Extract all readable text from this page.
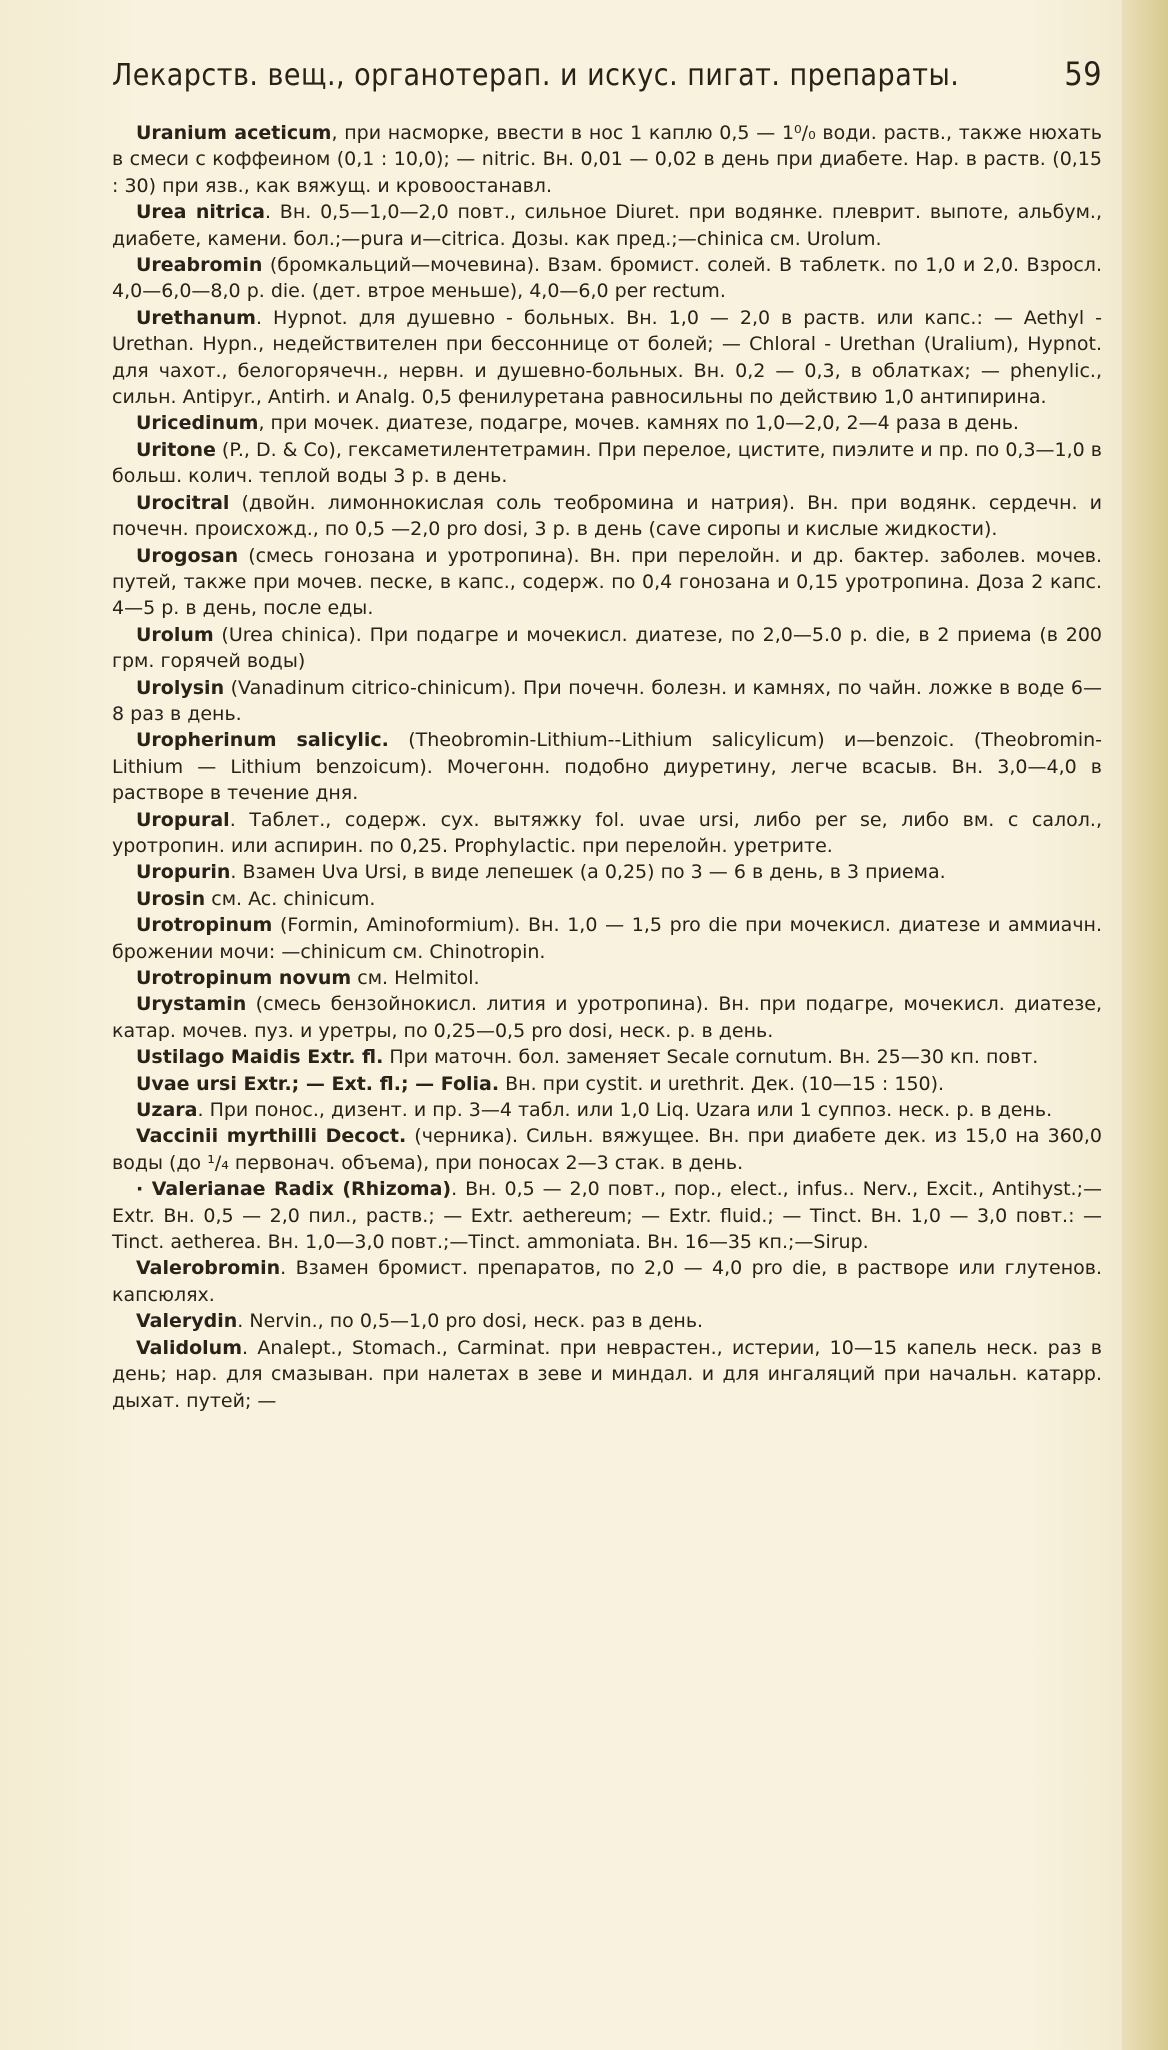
Лекарств. вещ., органотерап. и искус. пигат. препараты.	59

Uranium aceticum, при насморке, ввести в нос 1 каплю 0,5 — 1⁰/₀ води. раств., также нюхать в смеси с коффеином (0,1 : 10,0); — nitric. Вн. 0,01 — 0,02 в день при диабете. Нар. в раств. (0,15 : 30) при язв., как вяжущ. и кровоостанавл.

Urea nitrica. Вн. 0,5—1,0—2,0 повт., сильное Diuret. при водянке. плеврит. выпоте, альбум., диабете, камени. бол.;—pura и—citrica. Дозы. как пред.;—chinica см. Urolum.

Ureabromin (бромкальций—мочевина). Взам. бромист. солей. В таблетк. по 1,0 и 2,0. Взросл. 4,0—6,0—8,0 р. die. (дет. втрое меньше), 4,0—6,0 per rectum.

Urethanum. Hypnot. для душевно - больных. Вн. 1,0 — 2,0 в раств. или капс.: — Aethyl - Urethan. Hypn., недействителен при бессоннице от болей; — Chloral - Urethan (Uralium), Hypnot. для чахот., белогорячечн., нервн. и душевно-больных. Вн. 0,2 — 0,3, в облатках; — phenylic., сильн. Antipyr., Antirh. и Analg. 0,5 фенилуретана равносильны по действию 1,0 антипирина.

Uricedinum, при мочек. диатезе, подагре, мочев. камнях по 1,0—2,0, 2—4 раза в день.

Uritone (P., D. & Co), гексаметилентетрамин. При перелое, цистите, пиэлите и пр. по 0,3—1,0 в больш. колич. теплой воды 3 р. в день.

Urocitral (двойн. лимоннокислая соль теобромина и натрия). Вн. при водянк. сердечн. и почечн. происхожд., по 0,5 —2,0 pro dosi, 3 р. в день (cave сиропы и кислые жидкости).

Urogosan (смесь гонозана и уротропина). Вн. при перелойн. и др. бактер. заболев. мочев. путей, также при мочев. песке, в капс., содерж. по 0,4 гонозана и 0,15 уротропина. Доза 2 капс. 4—5 р. в день, после еды.

Urolum (Urea chinica). При подагре и мочекисл. диатезе, по 2,0—5.0 р. die, в 2 приема (в 200 грм. горячей воды)

Urolysin (Vanadinum citrico-chinicum). При почечн. болезн. и камнях, по чайн. ложке в воде 6—8 раз в день.

Uropherinum salicylic. (Theobromin-Lithium--Lithium salicylicum) и—benzoic. (Theobromin-Lithium — Lithium benzoicum). Мочегонн. подобно диуретину, легче всасыв. Вн. 3,0—4,0 в растворе в течение дня.

Uropural. Таблет., содерж. сух. вытяжку fol. uvae ursi, либо per se, либо вм. с салол., уротропин. или аспирин. по 0,25. Prophylactic. при перелойн. уретрите.

Uropurin. Взамен Uva Ursi, в виде лепешек (а 0,25) по 3 — 6 в день, в 3 приема.

Urosin см. Ac. chinicum.

Urotropinum (Formin, Aminoformium). Вн. 1,0 — 1,5 pro die при мочекисл. диатезе и аммиачн. брожении мочи: —chinicum см. Chinotropin.

Urotropinum novum см. Helmitol.

Urystamin (смесь бензойнокисл. лития и уротропина). Вн. при подагре, мочекисл. диатезе, катар. мочев. пуз. и уретры, по 0,25—0,5 pro dosi, неск. р. в день.

Ustilago Maidis Extr. fl. При маточн. бол. заменяет Secale cornutum. Вн. 25—30 кп. повт.

Uvae ursi Extr.; — Ext. fl.; — Folia. Вн. при cystit. и urethrit. Дек. (10—15 : 150).

Uzara. При понос., дизент. и пр. 3—4 табл. или 1,0 Liq. Uzara или 1 суппоз. неск. р. в день.

Vaccinii myrthilli Decoct. (черника). Сильн. вяжущее. Вн. при диабете дек. из 15,0 на 360,0 воды (до ¹/₄ первонач. объема), при поносах 2—3 стак. в день.

· Valerianae Radix (Rhizoma). Вн. 0,5 — 2,0 повт., пор., elect., infus.. Nerv., Excit., Antihyst.;—Extr. Вн. 0,5 — 2,0 пил., раств.; — Extr. aethereum; — Extr. fluid.; — Tinct. Вн. 1,0 — 3,0 повт.: — Tinct. aetherea. Вн. 1,0—3,0 повт.;—Tinct. ammoniata. Вн. 16—35 кп.;—Sirup.

Valerobromin. Взамен бромист. препаратов, по 2,0 — 4,0 pro die, в растворе или глутенов. капсюлях.

Valerydin. Nervin., по 0,5—1,0 pro dosi, неск. раз в день.

Validolum. Analept., Stomach., Carminat. при неврастен., истерии, 10—15 капель неск. раз в день; нар. для смазыван. при налетах в зеве и миндал. и для ингаляций при начальн. катарр. дыхат. путей; —
